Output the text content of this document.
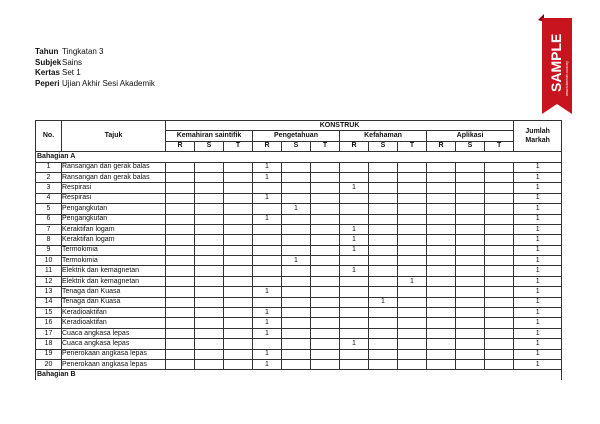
Tahun Tingkatan 3
Subjek Sains
Kertas Set 1
Peperi Ujian Akhir Sesi Akademik	SAMPLE www.tckmerah.com.my
No.	Tajuk	KONSTRUK												Jumlah
Markah
		Kemahiran saintifik			Pengetahuan			Kefahaman			Aplikasi			
		R	S	T	R	S	T	R	S	T	R	S	T	
Bahagian A														
1	Ransangan dan gerak balas				1									1
2	Ransangan dan gerak balas				1									1
3	Respirasi							1						1
4	Respirasi				1									1
5	Pengangkutan					1								1
6	Pengangkutan				1									1
7	Keraktifan logam							1						1
8	Keraktifan logam							1						1
9	Termokimia							1						1
10	Termokimia					1								1
11	Elektrik dan kemagnetan							1						1
12	Elektrik dan kemagnetan									1				1
13	Tenaga dan Kuasa				1									1
14	Tenaga dan Kuasa								1					1
15	Keradioaktifan				1									1
16	Keradioaktifan				1									1
17	Cuaca angkasa lepas				1									1
18	Cuaca angkasa lepas							1						1
19	Penerokaan angkasa lepas				1									1
20	Penerokaan angkasa lepas				1									1
Bahagian B														
